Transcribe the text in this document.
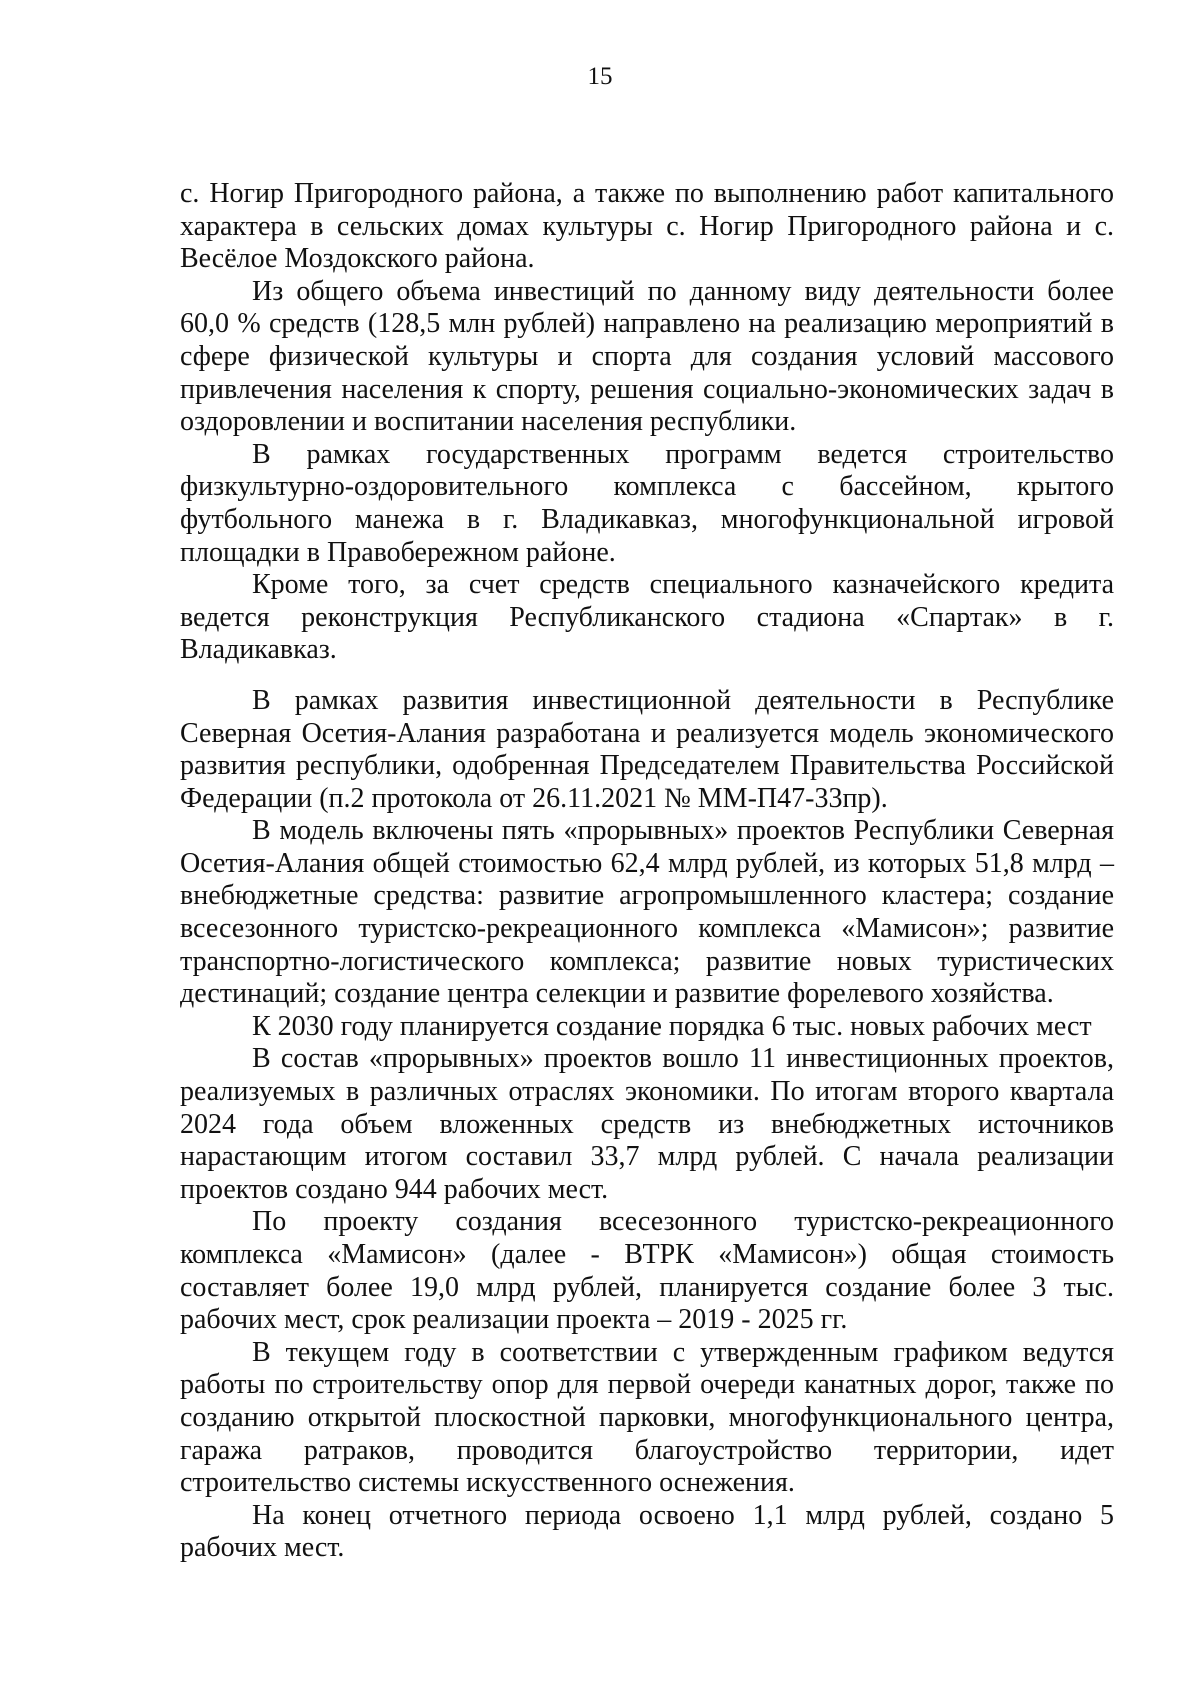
15

с. Ногир Пригородного района, а также по выполнению работ капитального характера в сельских домах культуры с. Ногир Пригородного района и с. Весёлое Моздокского района.

Из общего объема инвестиций по данному виду деятельности более 60,0 % средств (128,5 млн рублей) направлено на реализацию мероприятий в сфере физической культуры и спорта для создания условий массового привлечения населения к спорту, решения социально-экономических задач в оздоровлении и воспитании населения республики.

В рамках государственных программ ведется строительство физкультурно-оздоровительного комплекса с бассейном, крытого футбольного манежа в г. Владикавказ, многофункциональной игровой площадки в Правобережном районе.

Кроме того, за счет средств специального казначейского кредита ведется реконструкция Республиканского стадиона «Спартак» в г. Владикавказ.

В рамках развития инвестиционной деятельности в Республике Северная Осетия-Алания разработана и реализуется модель экономического развития республики, одобренная Председателем Правительства Российской Федерации (п.2 протокола от 26.11.2021 № ММ-П47-33пр).

В модель включены пять «прорывных» проектов Республики Северная Осетия-Алания общей стоимостью 62,4 млрд рублей, из которых 51,8 млрд – внебюджетные средства: развитие агропромышленного кластера; создание всесезонного туристско-рекреационного комплекса «Мамисон»; развитие транспортно-логистического комплекса; развитие новых туристических дестинаций; создание центра селекции и развитие форелевого хозяйства.

К 2030 году планируется создание порядка 6 тыс. новых рабочих мест

В состав «прорывных» проектов вошло 11 инвестиционных проектов, реализуемых в различных отраслях экономики. По итогам второго квартала 2024 года объем вложенных средств из внебюджетных источников нарастающим итогом составил 33,7 млрд рублей. С начала реализации проектов создано 944 рабочих мест.

По проекту создания всесезонного туристско-рекреационного комплекса «Мамисон» (далее - ВТРК «Мамисон») общая стоимость составляет более 19,0 млрд рублей, планируется создание более 3 тыс. рабочих мест, срок реализации проекта – 2019 - 2025 гг.

В текущем году в соответствии с утвержденным графиком ведутся работы по строительству опор для первой очереди канатных дорог, также по созданию открытой плоскостной парковки, многофункционального центра, гаража ратраков, проводится благоустройство территории, идет строительство системы искусственного оснежения.

На конец отчетного периода освоено 1,1 млрд рублей, создано 5 рабочих мест.
